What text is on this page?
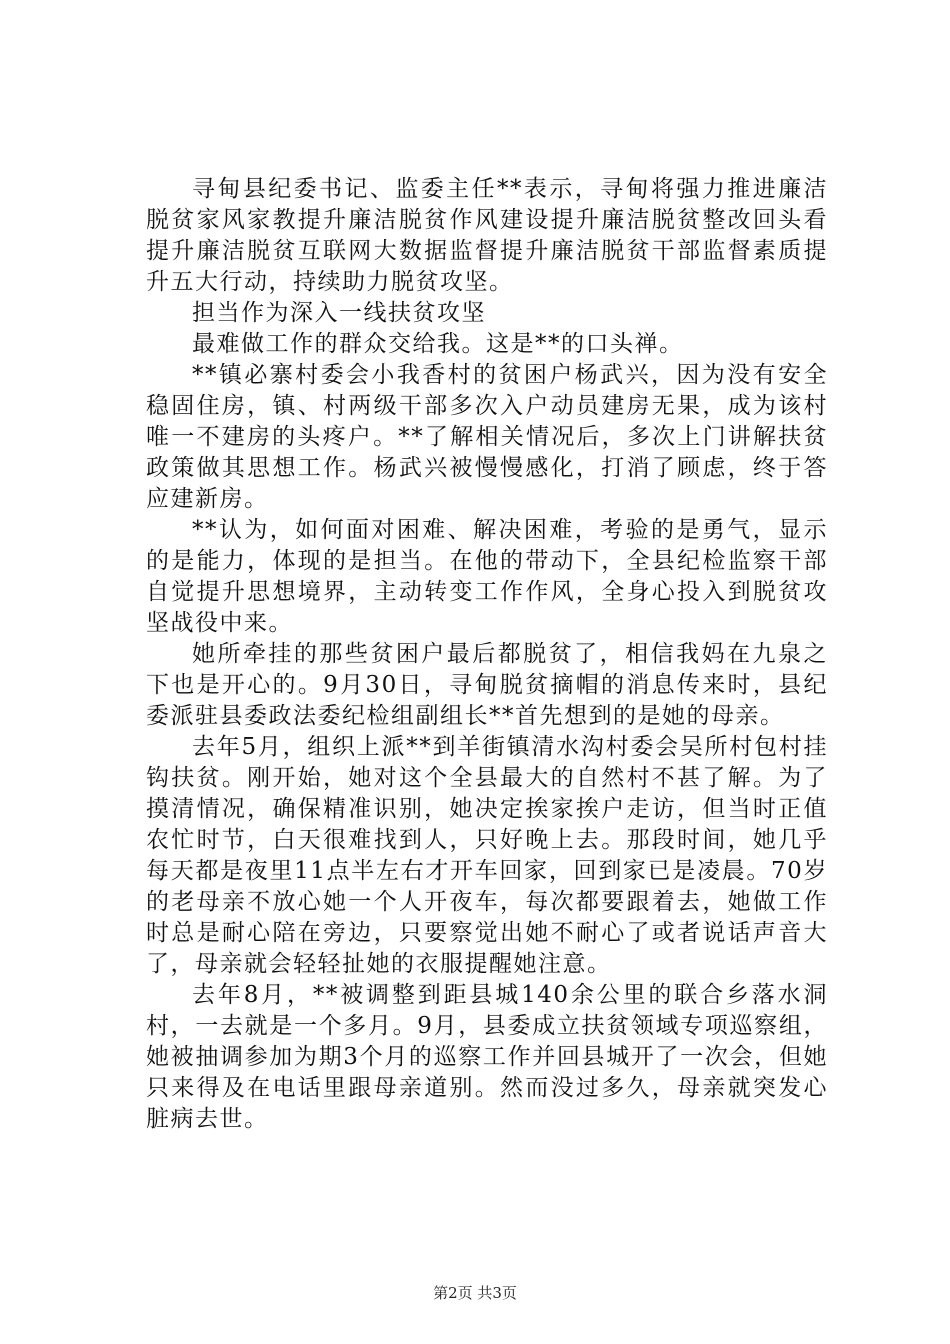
寻甸县纪委书记、监委主任**表示，寻甸将强力推进廉洁脱贫家风家教提升廉洁脱贫作风建设提升廉洁脱贫整改回头看提升廉洁脱贫互联网大数据监督提升廉洁脱贫干部监督素质提升五大行动，持续助力脱贫攻坚。

担当作为深入一线扶贫攻坚

最难做工作的群众交给我。这是**的口头禅。

**镇必寨村委会小我香村的贫困户杨武兴，因为没有安全稳固住房，镇、村两级干部多次入户动员建房无果，成为该村唯一不建房的头疼户。**了解相关情况后，多次上门讲解扶贫政策做其思想工作。杨武兴被慢慢感化，打消了顾虑，终于答应建新房。

**认为，如何面对困难、解决困难，考验的是勇气，显示的是能力，体现的是担当。在他的带动下，全县纪检监察干部自觉提升思想境界，主动转变工作作风，全身心投入到脱贫攻坚战役中来。

她所牵挂的那些贫困户最后都脱贫了，相信我妈在九泉之下也是开心的。9月30日，寻甸脱贫摘帽的消息传来时，县纪委派驻县委政法委纪检组副组长**首先想到的是她的母亲。

去年5月，组织上派**到羊街镇清水沟村委会吴所村包村挂钩扶贫。刚开始，她对这个全县最大的自然村不甚了解。为了摸清情况，确保精准识别，她决定挨家挨户走访，但当时正值农忙时节，白天很难找到人，只好晚上去。那段时间，她几乎每天都是夜里11点半左右才开车回家，回到家已是凌晨。70岁的老母亲不放心她一个人开夜车，每次都要跟着去，她做工作时总是耐心陪在旁边，只要察觉出她不耐心了或者说话声音大了，母亲就会轻轻扯她的衣服提醒她注意。

去年8月，**被调整到距县城140余公里的联合乡落水洞村，一去就是一个多月。9月，县委成立扶贫领域专项巡察组，她被抽调参加为期3个月的巡察工作并回县城开了一次会，但她只来得及在电话里跟母亲道别。然而没过多久，母亲就突发心脏病去世。

第2页 共3页
